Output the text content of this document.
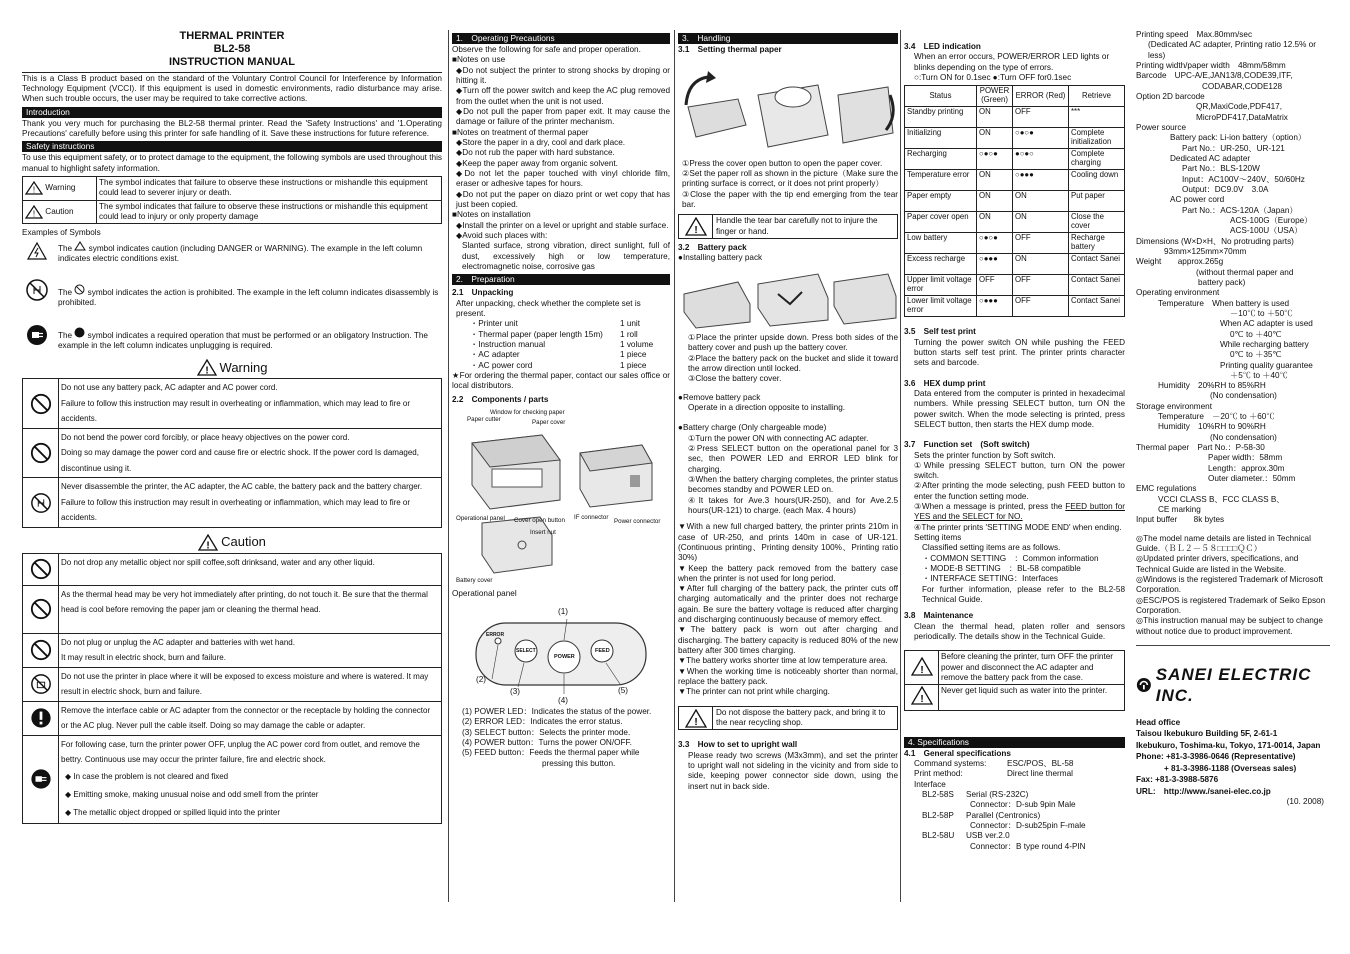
THERMAL PRINTER
BL2-58
INSTRUCTION MANUAL
This is a Class B product based on the standard of the Voluntary Control Council for Interference by Information Technology Equipment (VCCI). If this equipment is used in domestic environments, radio disturbance may arise. When such trouble occurs, the user may be required to take corrective actions.
Introduction
Thank you very much for purchasing the BL2-58 thermal printer. Read the 'Safety Instructions' and '1.Operating Precautions' carefully before using this printer for safe handling of it. Save these instructions for future reference.
Safety instructions
To use this equipment safety, or to protect damage to the equipment, the following symbols are used throughout this manual to highlight safety information.
! Warning	The symbol indicates that failure to observe these instructions or mishandle this equipment could lead to severer injury or death.

! Caution	The symbol indicates that failure to observe these instructions or mishandle this equipment could lead to injury or only property damage
Examples of Symbols
The symbol indicates caution (including DANGER or WARNING). The example in the left column indicates electric conditions exist.
The symbol indicates the action is prohibited. The example in the left column indicates disassembly is prohibited.
The symbol indicates a required operation that must be performed or an obligatory Instruction. The example in the left column indicates unplugging is required.
! Warning

Do not use any battery pack, AC adapter and AC power cord.
Failure to follow this instruction may result in overheating or inflammation, which may lead to fire or accidents.

Do not bend the power cord forcibly, or place heavy objectives on the power cord.
Doing so may damage the power cord and cause fire or electric shock. If the power cord Is damaged, discontinue using it.

	Never disassemble the printer, the AC adapter, the AC cable, the battery pack and the battery charger. Failure to follow this instruction may result in overheating or inflammation, which may lead to fire or accidents.
! Caution
	Do not drop any metallic object nor spill coffee,soft drinksand, water and any other liquid.

	As the thermal head may be very hot immediately after printing, do not touch it. Be sure that the thermal head is cool before removing the paper jam or cleaning the thermal head.

Do not plug or unplug the AC adapter and batteries with wet hand.
It may result in electric shock, burn and failure.

	Do not use the printer in place where it will be exposed to excess moisture and where is watered. It may result in electric shock, burn and failure.

	Remove the interface cable or AC adapter from the connector or the receptacle by holding the connector or the AC plug. Never pull the cable itself. Doing so may damage the cable or adapter.

For following case, turn the printer power OFF, unplug the AC power cord from outlet, and remove the bettry. Continuous use may occur the printer failure, fire and electric shock.
◆ In case the problem is not cleared and fixed
◆ Emitting smoke, making unusual noise and odd smell from the printer
◆ The metallic object dropped or spilled liquid into the printer
1.　Operating Precautions
Observe the following for safe and proper operation.
■Notes on use
◆Do not subject the printer to strong shocks by droping or hitting it.
◆Turn off the power switch and keep the AC plug removed from the outlet when the unit is not used.
◆Do not pull the paper from paper exit. It may cause the damage or failure of the printer mechanism.
■Notes on treatment of thermal paper
◆Store the paper in a dry, cool and dark place.
◆Do not rub the paper with hard substance.
◆Keep the paper away from organic solvent.
◆Do not let the paper touched with vinyl chloride film, eraser or adhesive tapes for hours.
◆Do not put the paper on diazo print or wet copy that has just been copied.
■Notes on installation
◆Install the printer on a level or upright and stable surface.
◆Avoid such places with:
Slanted surface, strong vibration, direct sunlight, full of dust, excessively high or low temperature, electromagnetic noise, corrosive gas
2.　Preparation
2.1　Unpacking
After unpacking, check whether the complete set is present.
・Printer unit	1 unit
・Thermal paper (paper length 15m) 1 roll
・Instruction manual	1 volume
・AC adapter	1 piece
・AC power cord	1 piece
★For ordering the thermal paper, contact our sales office or local distributors.
2.2　Components / parts
Window for checking paper
Paper cutter	Paper cover
Operational panel Cover open button IF connector
Power connector
Insert nut
Battery cover
Operational panel
ERROR
SELECT
POWER
FEED
(1)
(2)
(3)
(4)
(5)
(1) POWER LED：Indicates the status of the power.
(2) ERROR LED：Indicates the error status.
(3) SELECT button：Selects the printer mode.
(4) POWER button：Turns the power ON/OFF.
(5) FEED button：Feeds the thermal paper while
pressing this button.
3.　Handling
3.1　Setting thermal paper
①Press the cover open button to open the paper cover.
②Set the paper roll as shown in the picture（Make sure the printing surface is correct, or it does not print properly）
③Close the paper with the tip end emerging from the tear bar.
!
Handle the tear bar carefully not to injure the finger or hand.
3.2　Battery pack
●Installing battery pack
①Place the printer upside down. Press both sides of the battery cover and push up the battery cover.
②Place the battery pack on the bucket and slide it toward the arrow direction until locked.
③Close the battery cover.
●Remove battery pack
Operate in a direction opposite to installing.
●Battery charge (Only chargeable mode)
①Turn the power ON with connecting AC adapter.
②Press SELECT button on the operational panel for 3 sec, then POWER LED and ERROR LED blink for charging.
③When the battery charging completes, the printer status becomes standby and POWER LED on.
④It takes for Ave.3 hours(UR-250), and for Ave.2.5 hours(UR-121) to charge. (each Max. 4 hours)
▼With a new full charged battery, the printer prints 210m in case of UR-250, and prints 140m in case of UR-121. (Continuous printing、Printing density 100%、Printing ratio 30%)
▼Keep the battery pack removed from the battery case when the printer is not used for long period.
▼After full charging of the battery pack, the printer cuts off charging automatically and the printer does not recharge again. Be sure the battery voltage is reduced after charging and discharging continuously because of memory effect.
▼The battery pack is worn out after charging and discharging. The battery capacity is reduced 80% of the new battery after 300 times charging.
▼The battery works shorter time at low temperature area.
▼When the working time is noticeably shorter than normal, replace the battery pack.
▼The printer can not print while charging.
!
Do not dispose the battery pack, and bring it to the near recycling shop.
3.3　How to set to upright wall
Please ready two screws (M3x3mm), and set the printer to upright wall not sideling in the vicinity and from side to side, keeping power connector side down, using the insert nut in back side.
3.4　LED indication
When an error occurs, POWER/ERROR LED lights or blinks depending on the type of errors.
○:Turn ON for 0.1sec ●:Turn OFF for0.1sec
Status	POWER (Green)	ERROR (Red)	Retrieve
Standby printing	ON	OFF	***
Initializing	ON	○●○●	Complete initialization
Recharging	○●○●	●○●○	Complete charging
Temperature error	ON	○●●●	Cooling down
Paper empty	ON	ON	Put paper
Paper cover open	ON	ON	Close the cover
Low battery	○●○●	OFF	Recharge battery
Excess recharge	○●●●	ON	Contact Sanei
Upper limit voltage error	OFF	OFF	Contact Sanei
Lower limit voltage error	○●●●	OFF	Contact Sanei
3.5　Self test print
Turning the power switch ON while pushing the FEED button starts self test print. The printer prints character sets and barcode.
3.6　HEX dump print
Data entered from the computer is printed in hexadecimal numbers. While pressing SELECT button, turn ON the power switch. When the mode selecting is printed, press SELECT button, then starts the HEX dump mode.
3.7　Function set　(Soft switch)
Sets the printer function by Soft switch.
①While pressing SELECT button, turn ON the power switch.
②After printing the mode selecting, push FEED button to enter the function setting mode.
③When a message is printed, press the FEED button for YES and the SELECT for NO.
④The printer prints 'SETTING MODE END' when ending.
Setting items
Classified setting items are as follows.
・COMMON SETTING　：Common information
・MODE-B SETTING　：BL-58 compatible
・INTERFACE SETTING：Interfaces
For further information, please refer to the BL2-58 Technical Guide.
3.8　Maintenance
Clean the thermal head, platen roller and sensors periodically. The details show in the Technical Guide.
!	Before cleaning the printer, turn OFF the printer power and disconnect the AC adapter and remove the battery pack from the case.

!	Never get liquid such as water into the printer.
4. Specifications
4.1　General specifications
Command systems:	ESC/POS、BL-58
Print method:	Direct line thermal
Interface
BL2-58S Serial (RS-232C)
Connector：D-sub 9pin Male
BL2-58P Parallel (Centronics)
Connector：D-sub25pin F-male
BL2-58U USB ver.2.0
Connector：B type round 4-PIN
Printing speed　Max.80mm/sec
(Dedicated AC adapter, Printing ratio 12.5% or less)
Printing width/paper width　48mm/58mm
Barcode　UPC-A/E,JAN13/8,CODE39,ITF,
CODABAR,CODE128
Option 2D barcode
QR,MaxiCode,PDF417,
MicroPDF417,DataMatrix
Power source
Battery pack: Li-ion battery（option）
Part No.：UR-250、UR-121
Dedicated AC adapter
Part No.：BLS-120W
Input：AC100V～240V、50/60Hz
Output：DC9.0V　3.0A
AC power cord
Part No.：ACS-120A（Japan）
ACS-100G（Europe）
ACS-100U（USA）
Dimensions (W×D×H、No protruding parts)
93mm×125mm×70mm
Weight　　approx.265g
(without thermal paper and
battery pack)
Operating environment
Temperature　When battery is used
－10℃ to ＋50℃
When AC adapter is used
0℃ to ＋40℃
While recharging battery
0℃ to ＋35℃
Printing quality guarantee
＋5℃ to ＋40℃
Humidity　20%RH to 85%RH
(No condensation)
Storage environment
Temperature　－20℃ to ＋60℃
Humidity　10%RH to 90%RH
(No condensation)
Thermal paper　Part No.：P-58-30
Paper width：58mm
Length：approx.30m
Outer diameter.：50mm
EMC regulations
VCCI CLASS B、FCC CLASS B、
CE marking
Input buffer　　8k bytes
◎The model name details are listed in Technical Guide.（ＢＬ２－５８□□□□ＱＣ）
◎Updated printer drivers, specifications, and Technical Guide are listed in the Website.
◎Windows is the registered Trademark of Microsoft Corporation.
◎ESC/POS is registered Trademark of Seiko Epson Corporation.
◎This instruction manual may be subject to change without notice due to product improvement.
SANEI ELECTRIC INC.
Head office
Taisou Ikebukuro Building 5F, 2-61-1
Ikebukuro, Toshima-ku, Tokyo, 171-0014, Japan
Phone: +81-3-3986-0646 (Representative)
+ 81-3-3986-1188 (Overseas sales)
Fax: +81-3-3988-5876
URL:　http://www./sanei-elec.co.jp
(10. 2008)
